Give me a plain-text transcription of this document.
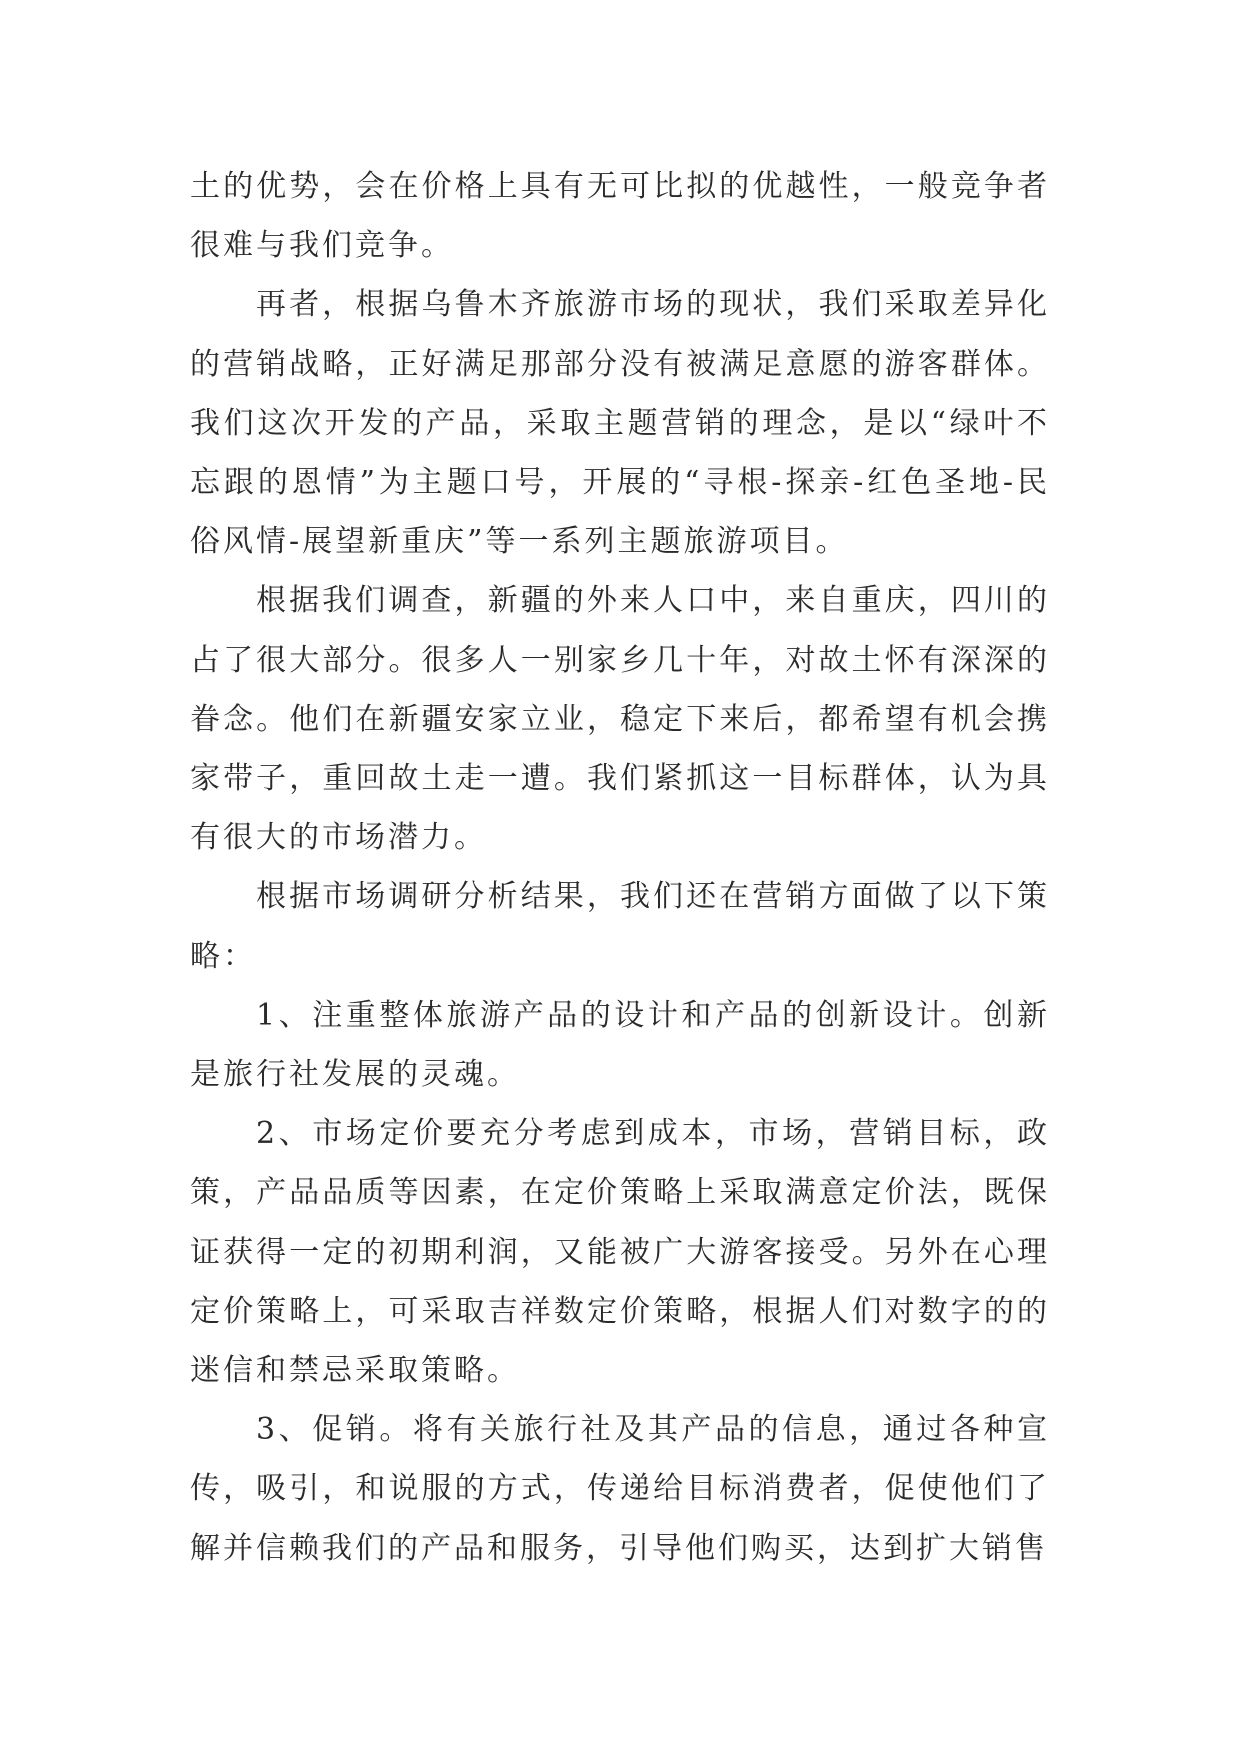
土的优势，会在价格上具有无可比拟的优越性，一般竞争者很难与我们竞争。

再者，根据乌鲁木齐旅游市场的现状，我们采取差异化的营销战略，正好满足那部分没有被满足意愿的游客群体。我们这次开发的产品，采取主题营销的理念，是以“绿叶不忘跟的恩情”为主题口号，开展的“寻根-探亲-红色圣地-民俗风情-展望新重庆”等一系列主题旅游项目。

根据我们调查，新疆的外来人口中，来自重庆，四川的占了很大部分。很多人一别家乡几十年，对故土怀有深深的眷念。他们在新疆安家立业，稳定下来后，都希望有机会携家带子，重回故土走一遭。我们紧抓这一目标群体，认为具有很大的市场潜力。

根据市场调研分析结果，我们还在营销方面做了以下策略：

1、注重整体旅游产品的设计和产品的创新设计。创新是旅行社发展的灵魂。

2、市场定价要充分考虑到成本，市场，营销目标，政策，产品品质等因素，在定价策略上采取满意定价法，既保证获得一定的初期利润，又能被广大游客接受。另外在心理定价策略上，可采取吉祥数定价策略，根据人们对数字的的迷信和禁忌采取策略。

3、促销。将有关旅行社及其产品的信息，通过各种宣传，吸引，和说服的方式，传递给目标消费者，促使他们了解并信赖我们的产品和服务，引导他们购买，达到扩大销售
